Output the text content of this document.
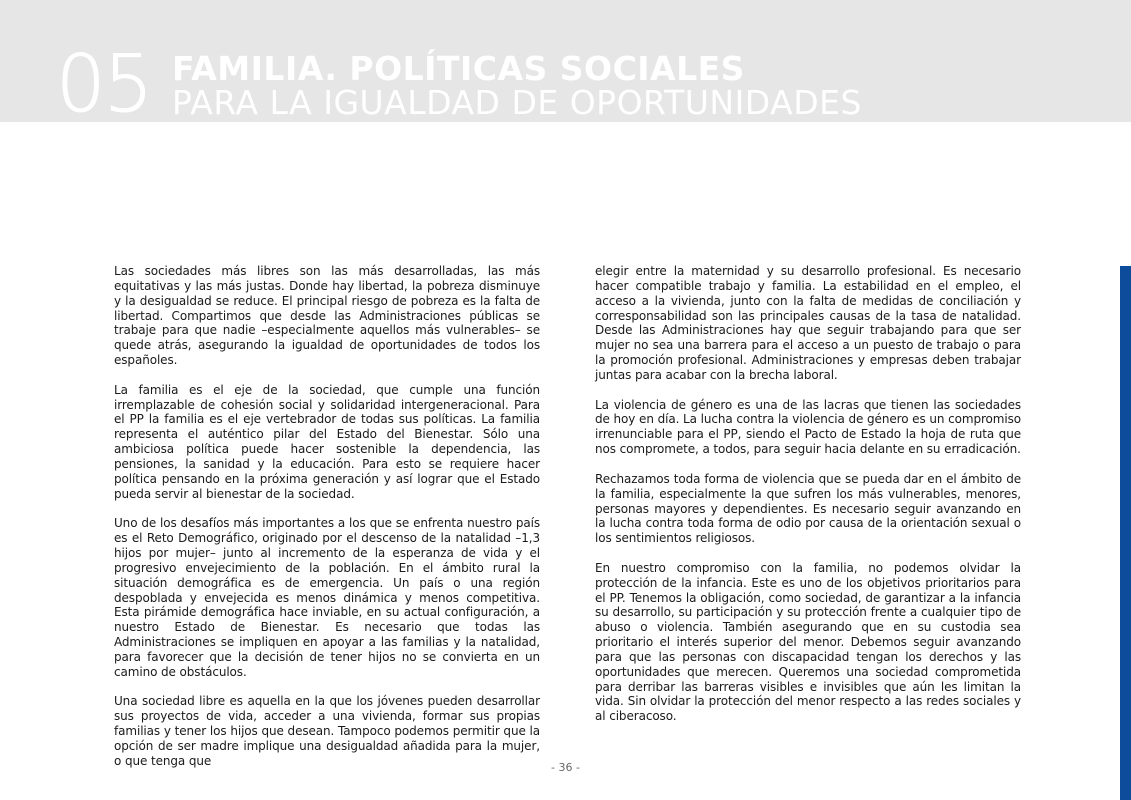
05 FAMILIA. POLÍTICAS SOCIALES
PARA LA IGUALDAD DE OPORTUNIDADES

Las sociedades más libres son las más desarrolladas, las más equitativas y las más justas. Donde hay libertad, la pobreza disminuye y la desigualdad se reduce. El principal riesgo de pobreza es la falta de libertad. Compartimos que desde las Administraciones públicas se trabaje para que nadie –especialmente aquellos más vulnerables– se quede atrás, asegurando la igualdad de oportunidades de todos los españoles.

La familia es el eje de la sociedad, que cumple una función irremplazable de cohesión social y solidaridad intergeneracional. Para el PP la familia es el eje vertebrador de todas sus políticas. La familia representa el auténtico pilar del Estado del Bienestar. Sólo una ambiciosa política puede hacer sostenible la dependencia, las pensiones, la sanidad y la educación. Para esto se requiere hacer política pensando en la próxima generación y así lograr que el Estado pueda servir al bienestar de la sociedad.

Uno de los desafíos más importantes a los que se enfrenta nuestro país es el Reto Demográfico, originado por el descenso de la natalidad –1,3 hijos por mujer– junto al incremento de la esperanza de vida y el progresivo envejecimiento de la población. En el ámbito rural la situación demográfica es de emergencia. Un país o una región despoblada y envejecida es menos dinámica y menos competitiva. Esta pirámide demográfica hace inviable, en su actual configuración, a nuestro Estado de Bienestar. Es necesario que todas las Administraciones se impliquen en apoyar a las familias y la natalidad, para favorecer que la decisión de tener hijos no se convierta en un camino de obstáculos.

Una sociedad libre es aquella en la que los jóvenes pueden desarrollar sus proyectos de vida, acceder a una vivienda, formar sus propias familias y tener los hijos que desean. Tampoco podemos permitir que la opción de ser madre implique una desigualdad añadida para la mujer, o que tenga que

elegir entre la maternidad y su desarrollo profesional. Es necesario hacer compatible trabajo y familia. La estabilidad en el empleo, el acceso a la vivienda, junto con la falta de medidas de conciliación y corresponsabilidad son las principales causas de la tasa de natalidad. Desde las Administraciones hay que seguir trabajando para que ser mujer no sea una barrera para el acceso a un puesto de trabajo o para la promoción profesional. Administraciones y empresas deben trabajar juntas para acabar con la brecha laboral.

La violencia de género es una de las lacras que tienen las sociedades de hoy en día. La lucha contra la violencia de género es un compromiso irrenunciable para el PP, siendo el Pacto de Estado la hoja de ruta que nos compromete, a todos, para seguir hacia delante en su erradicación.

Rechazamos toda forma de violencia que se pueda dar en el ámbito de la familia, especialmente la que sufren los más vulnerables, menores, personas mayores y dependientes. Es necesario seguir avanzando en la lucha contra toda forma de odio por causa de la orientación sexual o los sentimientos religiosos.

En nuestro compromiso con la familia, no podemos olvidar la protección de la infancia. Este es uno de los objetivos prioritarios para el PP. Tenemos la obligación, como sociedad, de garantizar a la infancia su desarrollo, su participación y su protección frente a cualquier tipo de abuso o violencia. También asegurando que en su custodia sea prioritario el interés superior del menor. Debemos seguir avanzando para que las personas con discapacidad tengan los derechos y las oportunidades que merecen. Queremos una sociedad comprometida para derribar las barreras visibles e invisibles que aún les limitan la vida. Sin olvidar la protección del menor respecto a las redes sociales y al ciberacoso.

- 36 -
